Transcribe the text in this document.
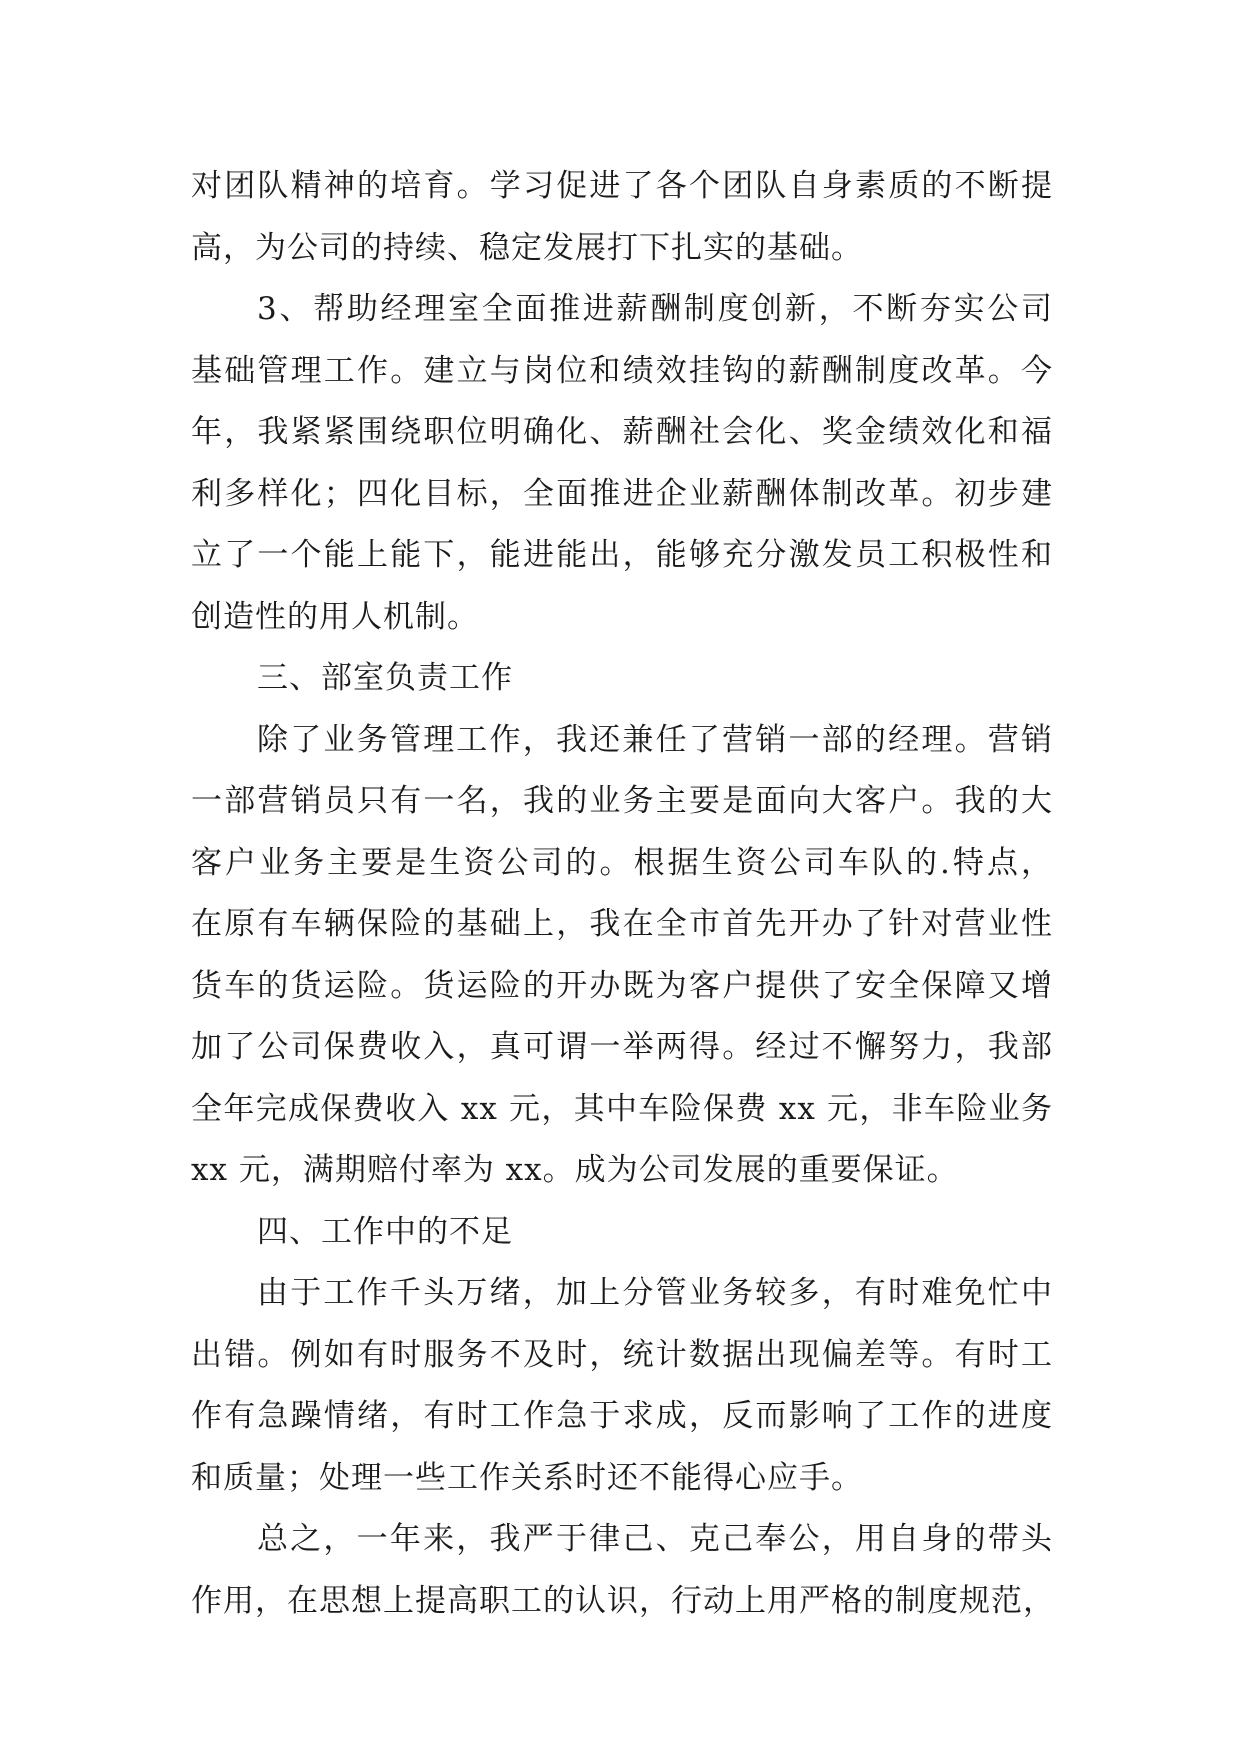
对团队精神的培育。学习促进了各个团队自身素质的不断提
高，为公司的持续、稳定发展打下扎实的基础。
3、帮助经理室全面推进薪酬制度创新，不断夯实公司
基础管理工作。建立与岗位和绩效挂钩的薪酬制度改革。今
年，我紧紧围绕职位明确化、薪酬社会化、奖金绩效化和福
利多样化；四化目标，全面推进企业薪酬体制改革。初步建
立了一个能上能下，能进能出，能够充分激发员工积极性和
创造性的用人机制。
三、部室负责工作
除了业务管理工作，我还兼任了营销一部的经理。营销
一部营销员只有一名，我的业务主要是面向大客户。我的大
客户业务主要是生资公司的。根据生资公司车队的.特点，
在原有车辆保险的基础上，我在全市首先开办了针对营业性
货车的货运险。货运险的开办既为客户提供了安全保障又增
加了公司保费收入，真可谓一举两得。经过不懈努力，我部
全年完成保费收入 xx 元，其中车险保费 xx 元，非车险业务
xx 元，满期赔付率为 xx。成为公司发展的重要保证。
四、工作中的不足
由于工作千头万绪，加上分管业务较多，有时难免忙中
出错。例如有时服务不及时，统计数据出现偏差等。有时工
作有急躁情绪，有时工作急于求成，反而影响了工作的进度
和质量；处理一些工作关系时还不能得心应手。
总之，一年来，我严于律己、克己奉公，用自身的带头
作用，在思想上提高职工的认识，行动上用严格的制度规范，
